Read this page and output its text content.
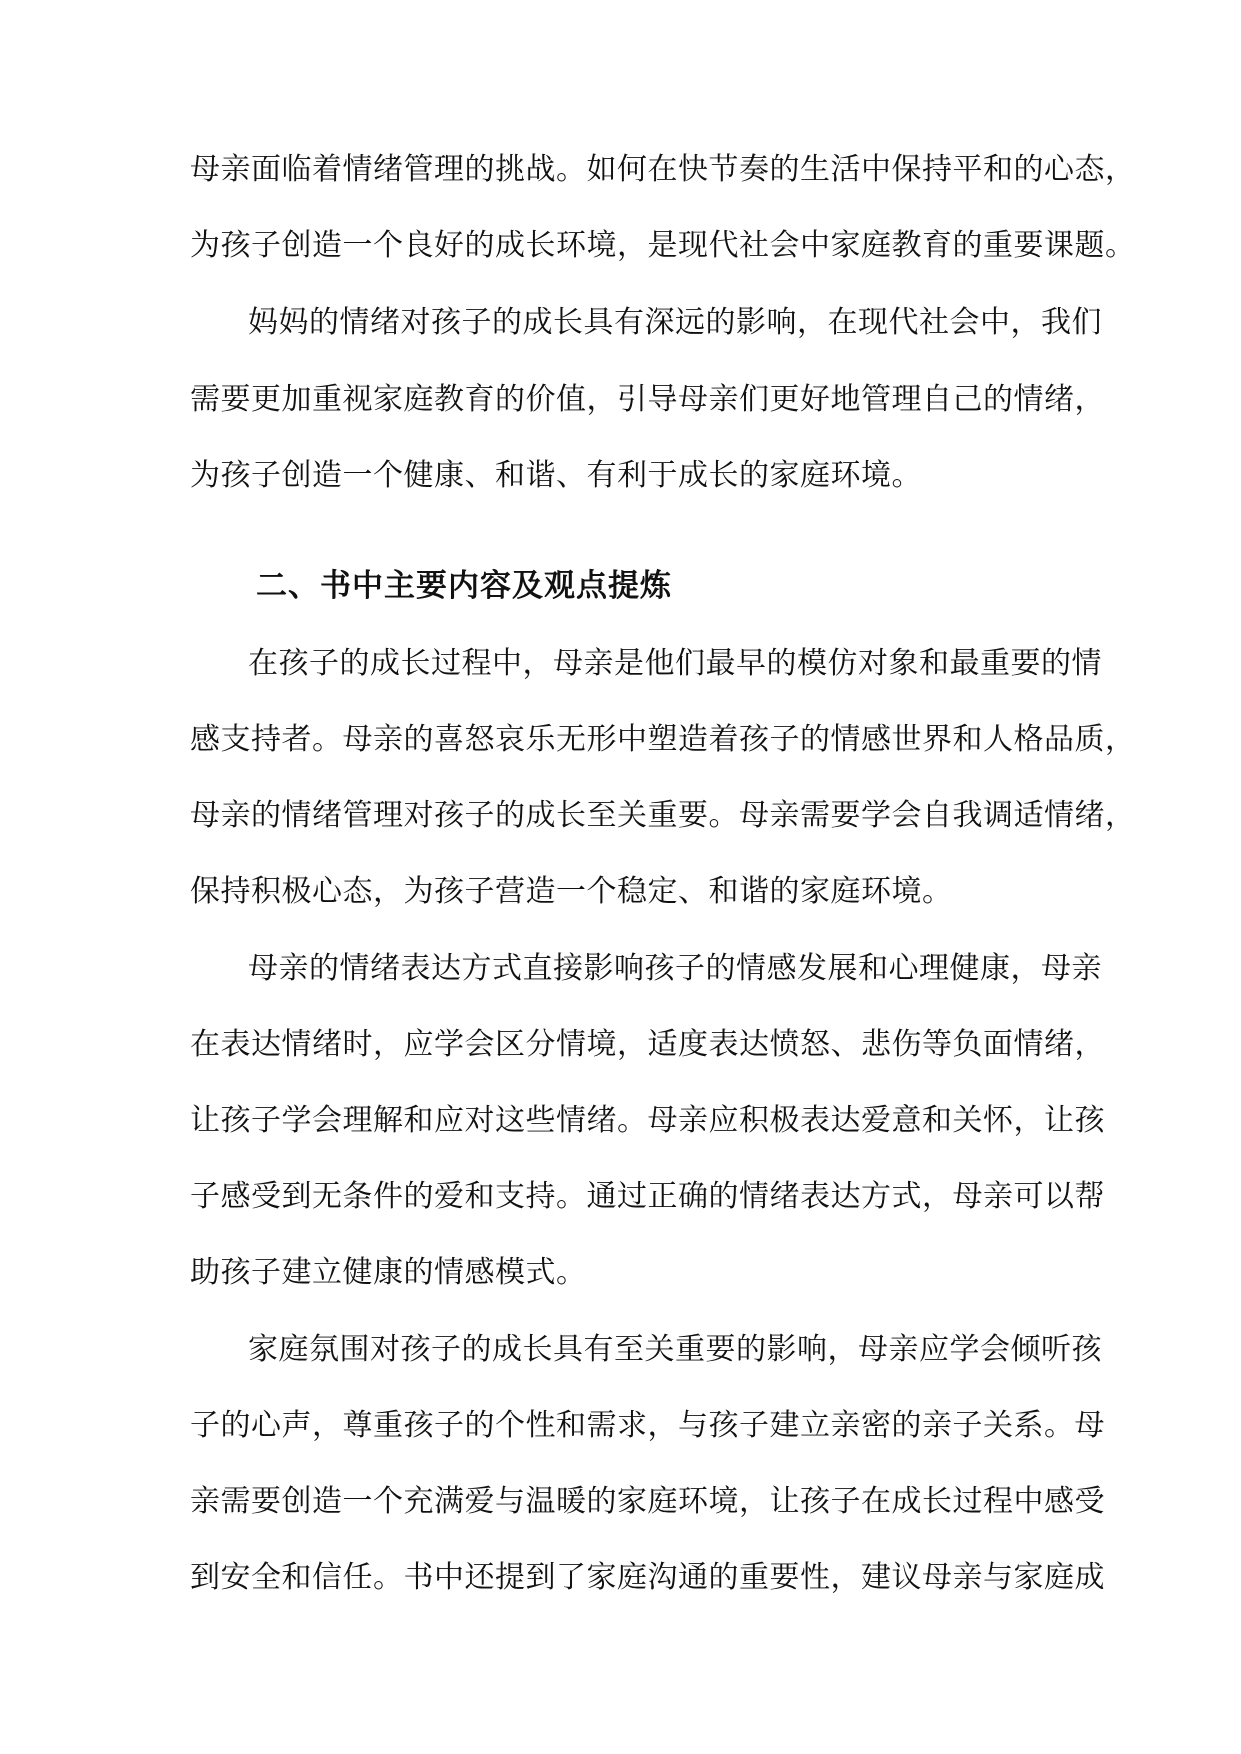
母亲面临着情绪管理的挑战。如何在快节奏的生活中保持平和的心态，
为孩子创造一个良好的成长环境，是现代社会中家庭教育的重要课题。
妈妈的情绪对孩子的成长具有深远的影响，在现代社会中，我们
需要更加重视家庭教育的价值，引导母亲们更好地管理自己的情绪，
为孩子创造一个健康、和谐、有利于成长的家庭环境。
二、书中主要内容及观点提炼
在孩子的成长过程中，母亲是他们最早的模仿对象和最重要的情
感支持者。母亲的喜怒哀乐无形中塑造着孩子的情感世界和人格品质，
母亲的情绪管理对孩子的成长至关重要。母亲需要学会自我调适情绪，
保持积极心态，为孩子营造一个稳定、和谐的家庭环境。
母亲的情绪表达方式直接影响孩子的情感发展和心理健康，母亲
在表达情绪时，应学会区分情境，适度表达愤怒、悲伤等负面情绪，
让孩子学会理解和应对这些情绪。母亲应积极表达爱意和关怀，让孩
子感受到无条件的爱和支持。通过正确的情绪表达方式，母亲可以帮
助孩子建立健康的情感模式。
家庭氛围对孩子的成长具有至关重要的影响，母亲应学会倾听孩
子的心声，尊重孩子的个性和需求，与孩子建立亲密的亲子关系。母
亲需要创造一个充满爱与温暖的家庭环境，让孩子在成长过程中感受
到安全和信任。书中还提到了家庭沟通的重要性，建议母亲与家庭成
